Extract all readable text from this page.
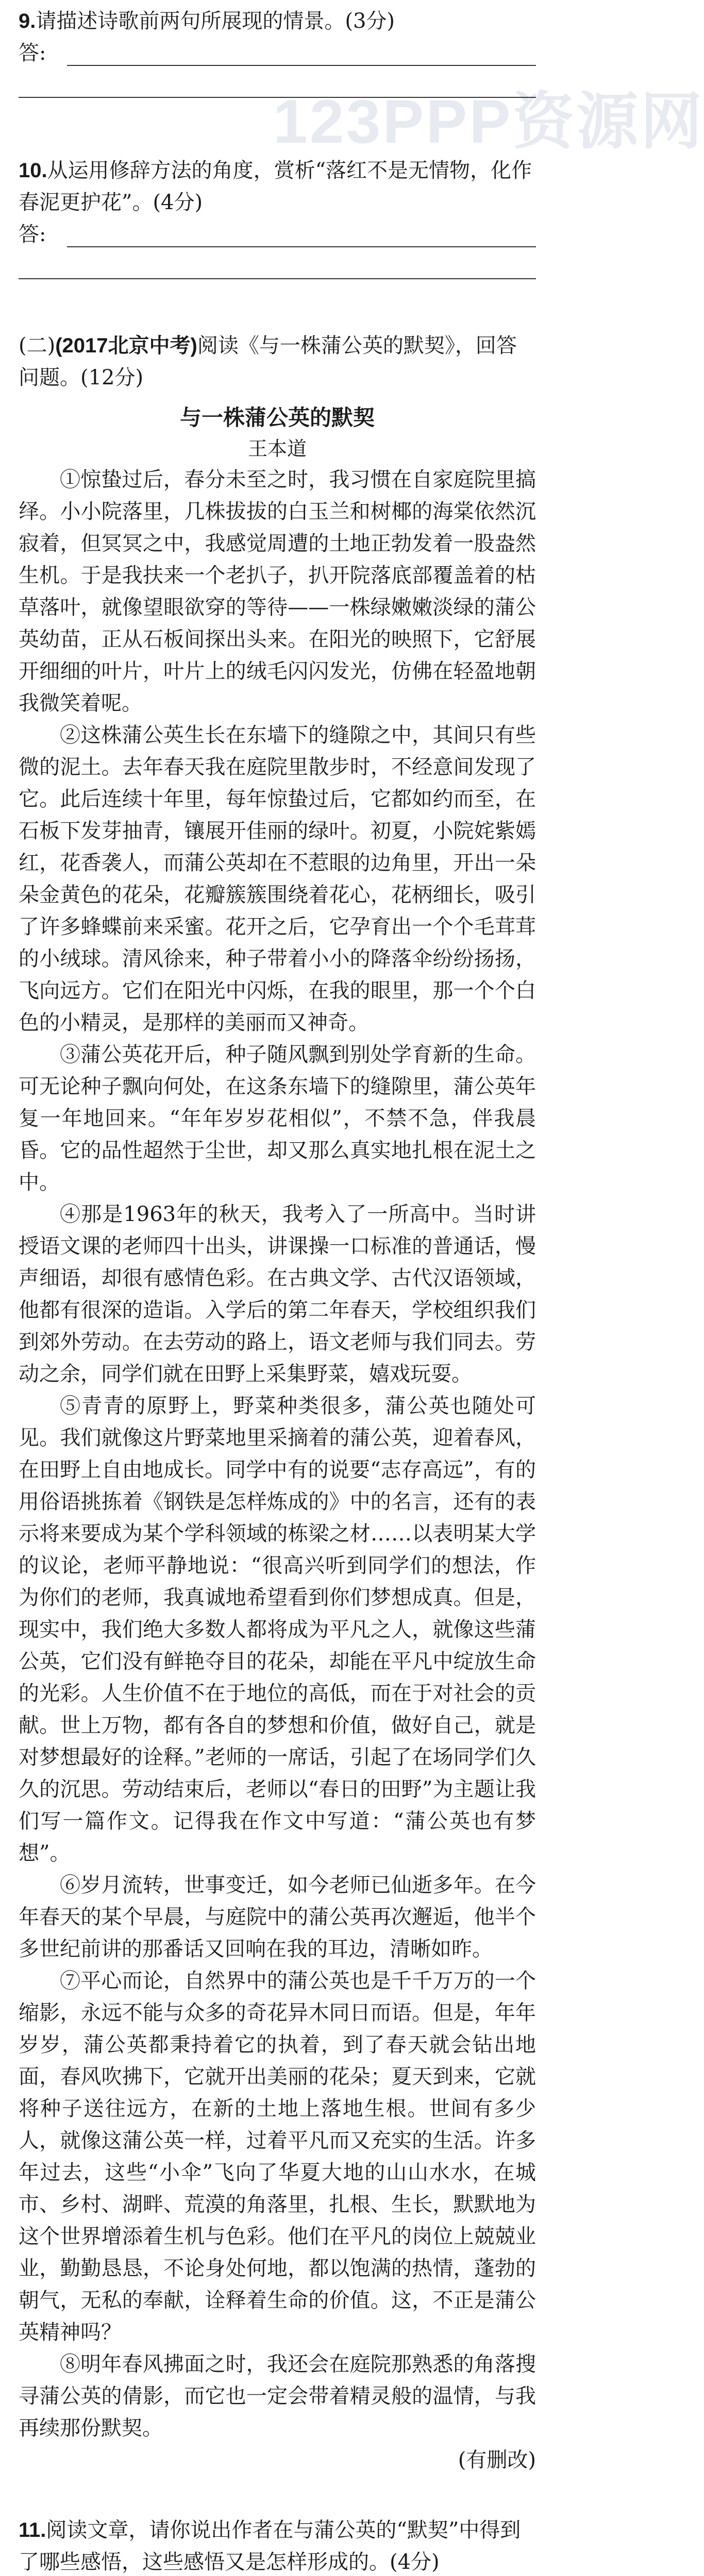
123PPP资源网

9.请描述诗歌前两句所展现的情景。(3分)

答:

10.从运用修辞方法的角度，赏析“落红不是无情物，化作春泥更护花”。(4分)

答:

(二)(2017北京中考)阅读《与一株蒲公英的默契》，回答问题。(12分)

与一株蒲公英的默契

王本道

①惊蛰过后，春分未至之时，我习惯在自家庭院里搞绎。小小院落里，几株拔拔的白玉兰和树椰的海棠依然沉寂着，但冥冥之中，我感觉周遭的土地正勃发着一股盎然生机。于是我扶来一个老扒子，扒开院落底部覆盖着的枯草落叶，就像望眼欲穿的等待——一株绿嫩嫩淡绿的蒲公英幼苗，正从石板间探出头来。在阳光的映照下，它舒展开细细的叶片，叶片上的绒毛闪闪发光，仿佛在轻盈地朝我微笑着呢。

②这株蒲公英生长在东墙下的缝隙之中，其间只有些微的泥土。去年春天我在庭院里散步时，不经意间发现了它。此后连续十年里，每年惊蛰过后，它都如约而至，在石板下发芽抽青，镶展开佳丽的绿叶。初夏，小院姹紫嫣红，花香袭人，而蒲公英却在不惹眼的边角里，开出一朵朵金黄色的花朵，花瓣簇簇围绕着花心，花柄细长，吸引了许多蜂蝶前来采蜜。花开之后，它孕育出一个个毛茸茸的小绒球。清风徐来，种子带着小小的降落伞纷纷扬扬，飞向远方。它们在阳光中闪烁，在我的眼里，那一个个白色的小精灵，是那样的美丽而又神奇。

③蒲公英花开后，种子随风飘到别处学育新的生命。可无论种子飘向何处，在这条东墙下的缝隙里，蒲公英年复一年地回来。“年年岁岁花相似”，不禁不急，伴我晨昏。它的品性超然于尘世，却又那么真实地扎根在泥土之中。

④那是1963年的秋天，我考入了一所高中。当时讲授语文课的老师四十出头，讲课操一口标准的普通话，慢声细语，却很有感情色彩。在古典文学、古代汉语领域，他都有很深的造诣。入学后的第二年春天，学校组织我们到郊外劳动。在去劳动的路上，语文老师与我们同去。劳动之余，同学们就在田野上采集野菜，嬉戏玩耍。

⑤青青的原野上，野菜种类很多，蒲公英也随处可见。我们就像这片野菜地里采摘着的蒲公英，迎着春风，在田野上自由地成长。同学中有的说要“志存高远”，有的用俗语挑拣着《钢铁是怎样炼成的》中的名言，还有的表示将来要成为某个学科领域的栋梁之材……以表明某大学的议论，老师平静地说：“很高兴听到同学们的想法，作为你们的老师，我真诚地希望看到你们梦想成真。但是，现实中，我们绝大多数人都将成为平凡之人，就像这些蒲公英，它们没有鲜艳夺目的花朵，却能在平凡中绽放生命的光彩。人生价值不在于地位的高低，而在于对社会的贡献。世上万物，都有各自的梦想和价值，做好自己，就是对梦想最好的诠释。”老师的一席话，引起了在场同学们久久的沉思。劳动结束后，老师以“春日的田野”为主题让我们写一篇作文。记得我在作文中写道：“蒲公英也有梦想”。

⑥岁月流转，世事变迁，如今老师已仙逝多年。在今年春天的某个早晨，与庭院中的蒲公英再次邂逅，他半个多世纪前讲的那番话又回响在我的耳边，清晰如昨。

⑦平心而论，自然界中的蒲公英也是千千万万的一个缩影，永远不能与众多的奇花异木同日而语。但是，年年岁岁，蒲公英都秉持着它的执着，到了春天就会钻出地面，春风吹拂下，它就开出美丽的花朵；夏天到来，它就将种子送往远方，在新的土地上落地生根。世间有多少人，就像这蒲公英一样，过着平凡而又充实的生活。许多年过去，这些“小伞”飞向了华夏大地的山山水水，在城市、乡村、湖畔、荒漠的角落里，扎根、生长，默默地为这个世界增添着生机与色彩。他们在平凡的岗位上兢兢业业，勤勤恳恳，不论身处何地，都以饱满的热情，蓬勃的朝气，无私的奉献，诠释着生命的价值。这，不正是蒲公英精神吗？

⑧明年春风拂面之时，我还会在庭院那熟悉的角落搜寻蒲公英的倩影，而它也一定会带着精灵般的温情，与我再续那份默契。

(有删改)

11.阅读文章，请你说出作者在与蒲公英的“默契”中得到了哪些感悟，这些感悟又是怎样形成的。(4分)
